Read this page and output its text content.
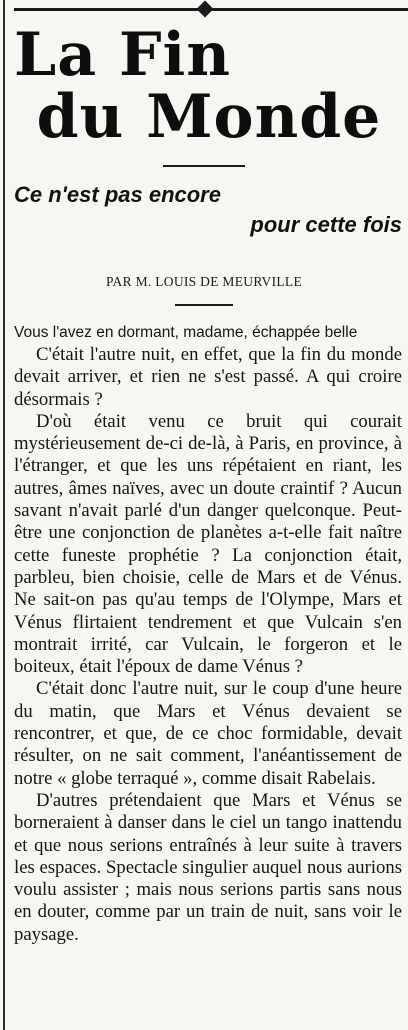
La Fin
du Monde
Ce n'est pas encore
pour cette fois
PAR M. LOUIS DE MEURVILLE
Vous l'avez en dormant, madame, échappée belle

C'était l'autre nuit, en effet, que la fin du monde devait arriver, et rien ne s'est passé. A qui croire désormais ?

D'où était venu ce bruit qui courait mystérieusement de-ci de-là, à Paris, en province, à l'étranger, et que les uns répétaient en riant, les autres, âmes naïves, avec un doute craintif ? Aucun savant n'avait parlé d'un danger quelconque. Peut-être une conjonction de planètes a-t-elle fait naître cette funeste prophétie ? La conjonction était, parbleu, bien choisie, celle de Mars et de Vénus. Ne sait-on pas qu'au temps de l'Olympe, Mars et Vénus flirtaient tendrement et que Vulcain s'en montrait irrité, car Vulcain, le forgeron et le boiteux, était l'époux de dame Vénus ?

C'était donc l'autre nuit, sur le coup d'une heure du matin, que Mars et Vénus devaient se rencontrer, et que, de ce choc formidable, devait résulter, on ne sait comment, l'anéantissement de notre « globe terraqué », comme disait Rabelais.

D'autres prétendaient que Mars et Vénus se borneraient à danser dans le ciel un tango inattendu et que nous serions entraînés à leur suite à travers les espaces. Spectacle singulier auquel nous aurions voulu assister ; mais nous serions partis sans nous en douter, comme par un train de nuit, sans voir le paysage.
